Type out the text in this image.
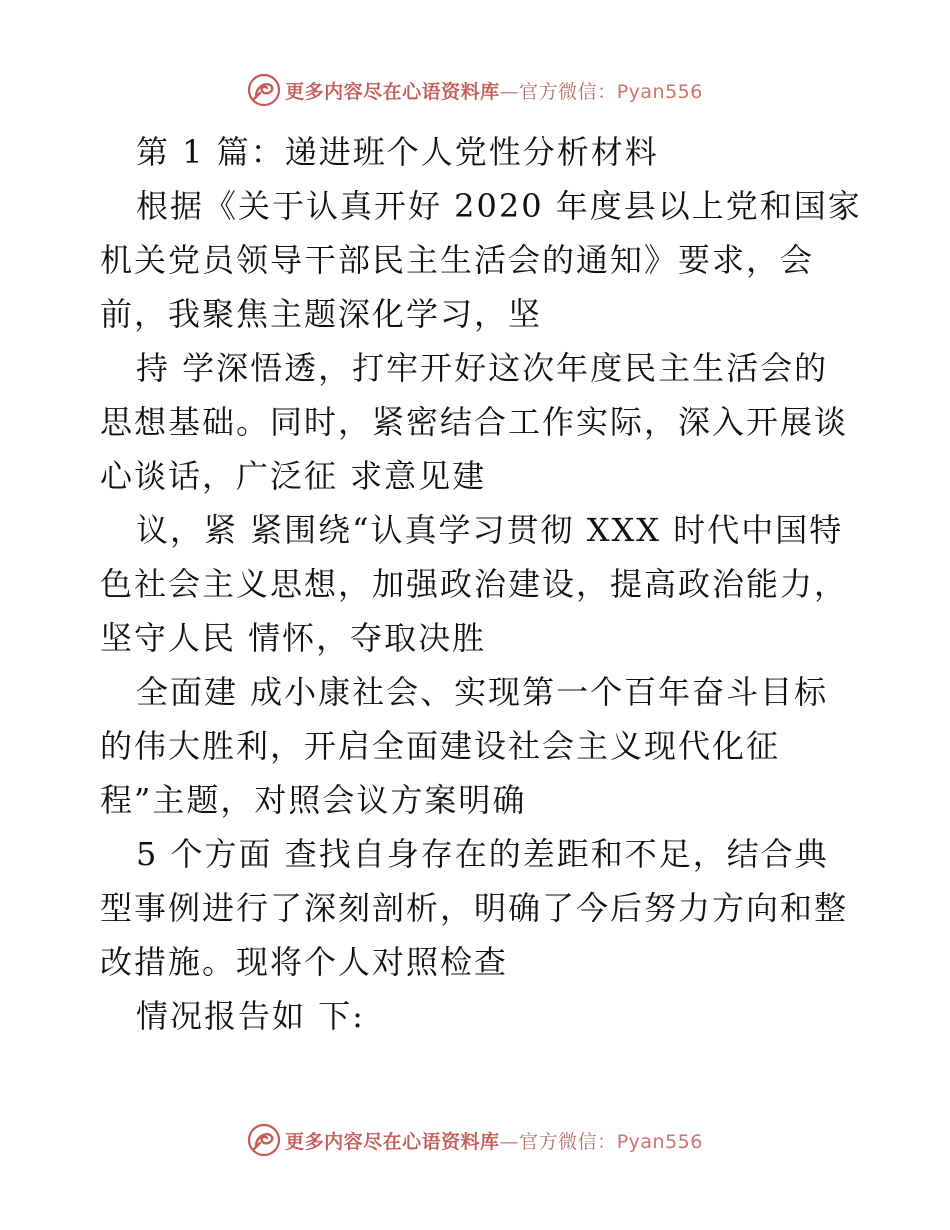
更多内容尽在心语资料库—官方微信：Pyan556
第 1 篇：递进班个人党性分析材料
根据《关于认真开好 2020 年度县以上党和国家
机关党员领导干部民主生活会的通知》要求，会
前，我聚焦主题深化学习，坚
持 学深悟透，打牢开好这次年度民主生活会的
思想基础。同时，紧密结合工作实际，深入开展谈
心谈话，广泛征 求意见建
议，紧 紧围绕“认真学习贯彻 XXX 时代中国特
色社会主义思想，加强政治建设，提高政治能力，
坚守人民 情怀，夺取决胜
全面建 成小康社会、实现第一个百年奋斗目标
的伟大胜利，开启全面建设社会主义现代化征
程”主题，对照会议方案明确
5 个方面 查找自身存在的差距和不足，结合典
型事例进行了深刻剖析，明确了今后努力方向和整
改措施。现将个人对照检查
情况报告如 下:
更多内容尽在心语资料库—官方微信：Pyan556
